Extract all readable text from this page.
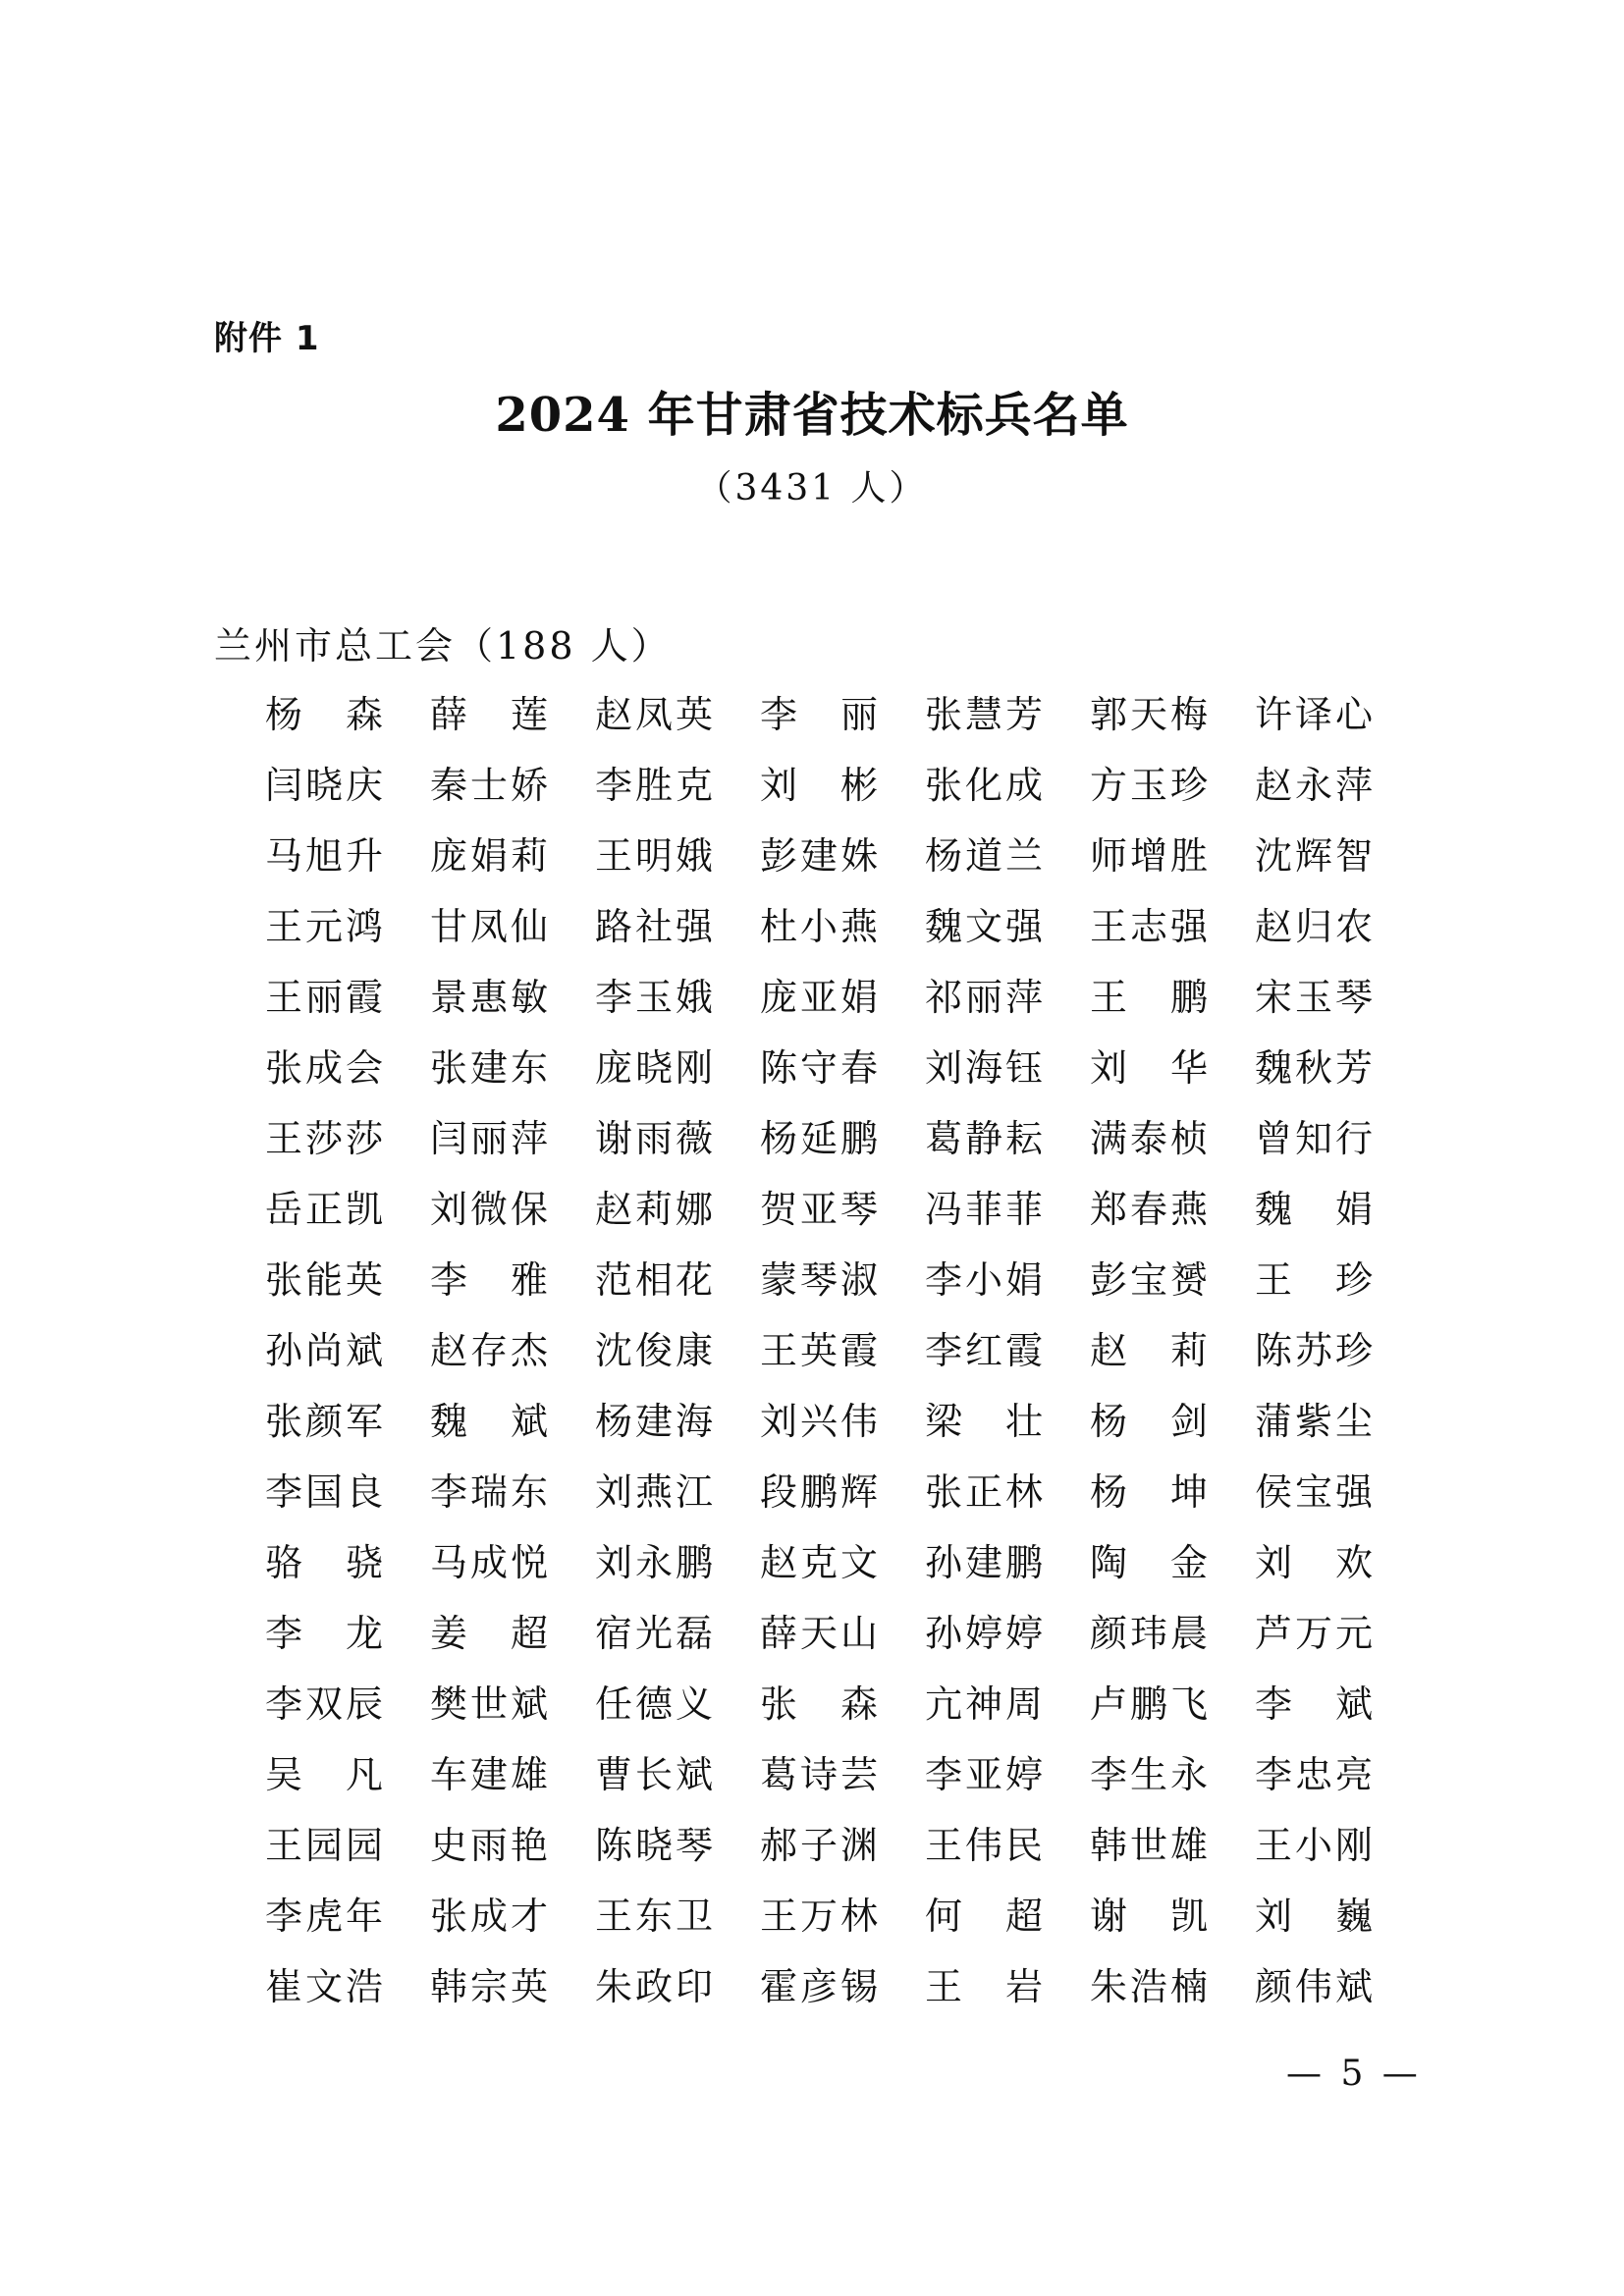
附件 1
2024 年甘肃省技术标兵名单
（3431 人）
兰州市总工会（188 人）
杨　森	薛　莲	赵凤英	李　丽	张慧芳	郭天梅	许译心
闫晓庆	秦士娇	李胜克	刘　彬	张化成	方玉珍	赵永萍
马旭升	庞娟莉	王明娥	彭建姝	杨道兰	师增胜	沈辉智
王元鸿	甘凤仙	路社强	杜小燕	魏文强	王志强	赵归农
王丽霞	景惠敏	李玉娥	庞亚娟	祁丽萍	王　鹏	宋玉琴
张成会	张建东	庞晓刚	陈守春	刘海钰	刘　华	魏秋芳
王莎莎	闫丽萍	谢雨薇	杨延鹏	葛静耘	满泰桢	曾知行
岳正凯	刘微保	赵莉娜	贺亚琴	冯菲菲	郑春燕	魏　娟
张能英	李　雅	范相花	蒙琴淑	李小娟	彭宝赟	王　珍
孙尚斌	赵存杰	沈俊康	王英霞	李红霞	赵　莉	陈苏珍
张颜军	魏　斌	杨建海	刘兴伟	梁　壮	杨　剑	蒲紫尘
李国良	李瑞东	刘燕江	段鹏辉	张正林	杨　坤	侯宝强
骆　骁	马成悦	刘永鹏	赵克文	孙建鹏	陶　金	刘　欢
李　龙	姜　超	宿光磊	薛天山	孙婷婷	颜玮晨	芦万元
李双辰	樊世斌	任德义	张　森	亢神周	卢鹏飞	李　斌
吴　凡	车建雄	曹长斌	葛诗芸	李亚婷	李生永	李忠亮
王园园	史雨艳	陈晓琴	郝子渊	王伟民	韩世雄	王小刚
李虎年	张成才	王东卫	王万林	何　超	谢　凯	刘　巍
崔文浩	韩宗英	朱政印	霍彦锡	王　岩	朱浩楠	颜伟斌
— 5 —
